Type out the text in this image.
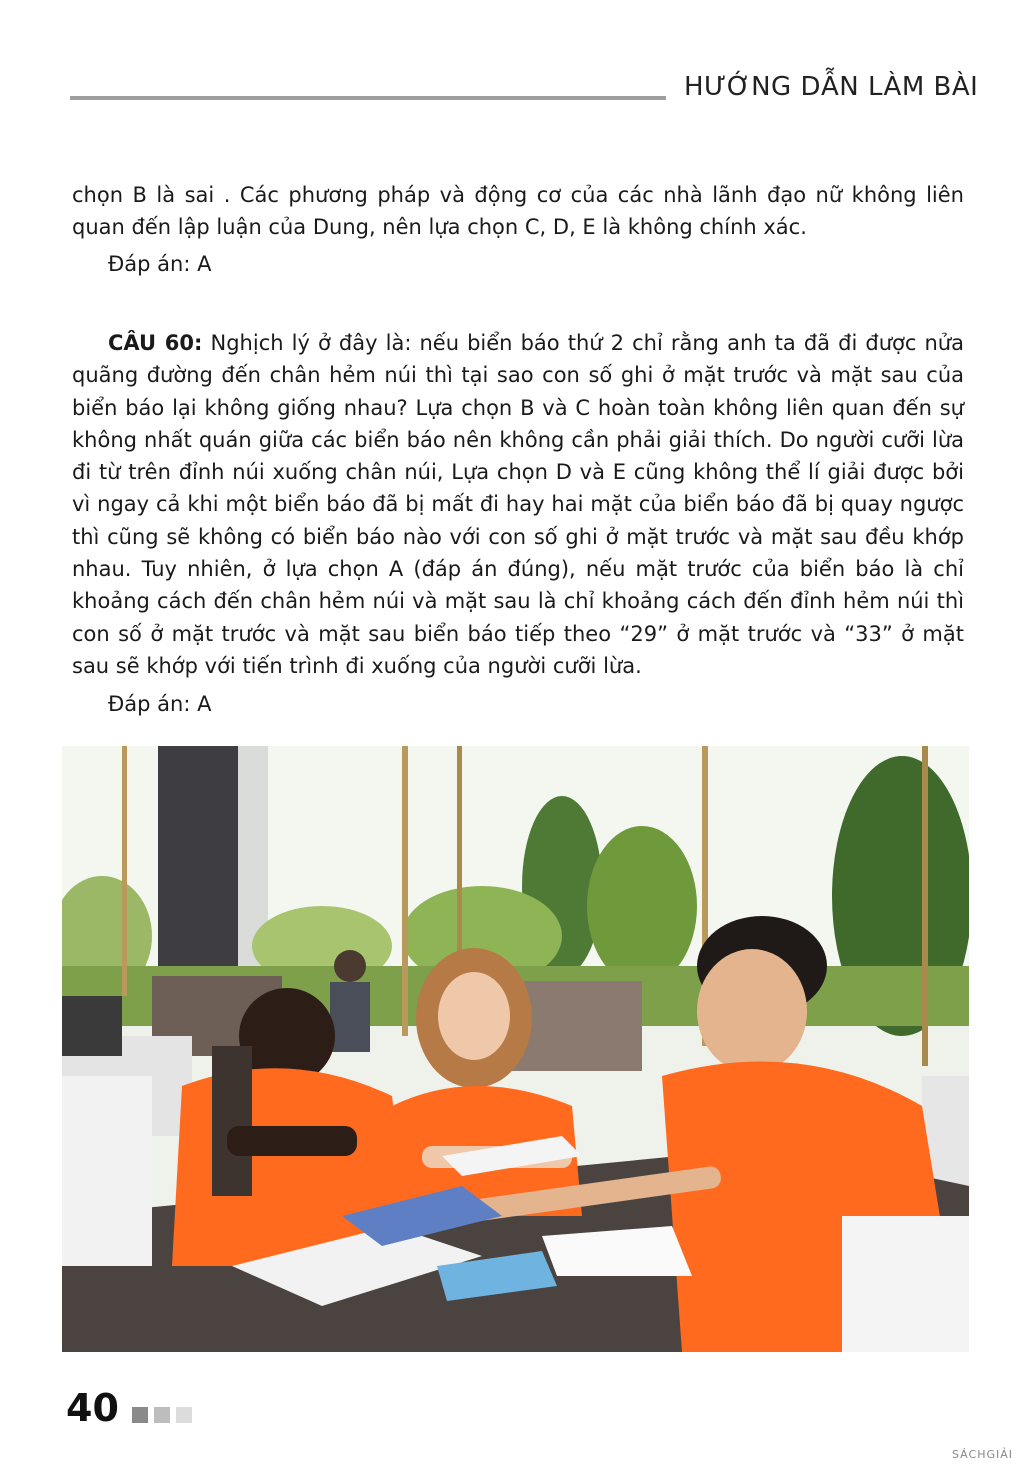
HƯỚNG DẪN LÀM BÀI

chọn B là sai . Các phương pháp và động cơ của các nhà lãnh đạo nữ không liên quan đến lập luận của Dung, nên lựa chọn C, D, E là không chính xác.

Đáp án: A

CÂU 60: Nghịch lý ở đây là: nếu biển báo thứ 2 chỉ rằng anh ta đã đi được nửa quãng đường đến chân hẻm núi thì tại sao con số ghi ở mặt trước và mặt sau của biển báo lại không giống nhau? Lựa chọn B và C hoàn toàn không liên quan đến sự không nhất quán giữa các biển báo nên không cần phải giải thích. Do người cưỡi lừa đi từ trên đỉnh núi xuống chân núi, Lựa chọn D và E cũng không thể lí giải được bởi vì ngay cả khi một biển báo đã bị mất đi hay hai mặt của biển báo đã bị quay ngược thì cũng sẽ không có biển báo nào với con số ghi ở mặt trước và mặt sau đều khớp nhau. Tuy nhiên, ở lựa chọn A (đáp án đúng), nếu mặt trước của biển báo là chỉ khoảng cách đến chân hẻm núi và mặt sau là chỉ khoảng cách đến đỉnh hẻm núi thì con số ở mặt trước và mặt sau biển báo tiếp theo “29” ở mặt trước và “33” ở mặt sau sẽ khớp với tiến trình đi xuống của người cưỡi lừa.

Đáp án: A
40
SÁCHGIẢI
